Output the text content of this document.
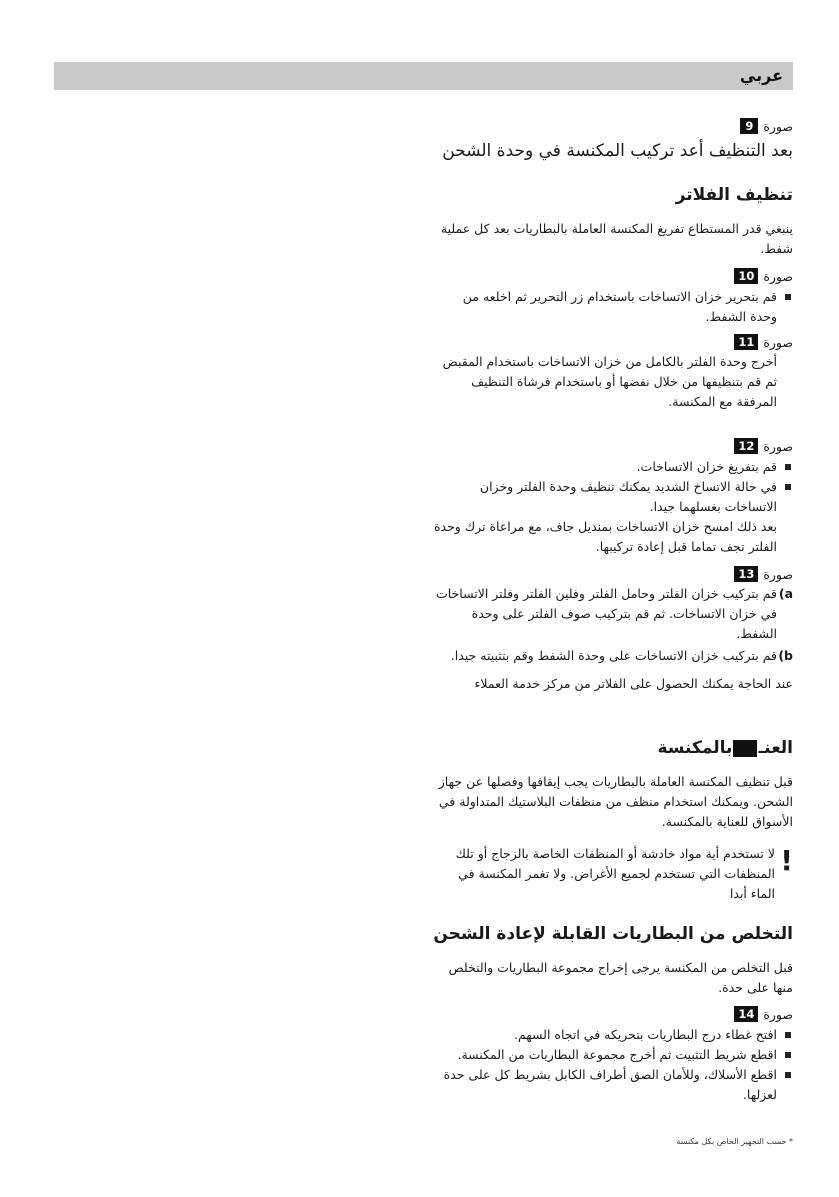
عربي
صورة
9

بعد التنظيف أعد تركيب المكنسة في وحدة الشحن

تنظيف الفلاتر

ينبغي قدر المستطاع تفريغ المكنسة العاملة بالبطاريات بعد كل عملية شفط.

صورة
10
قم بتحرير خزان الاتساخات باستخدام زر التحرير ثم اخلعه من وحدة الشفط.
صورة
11

أخرج وحدة الفلتر بالكامل من خزان الاتساخات باستخدام المقبض ثم قم بتنظيفها من خلال نفضها أو باستخدام فرشاة التنظيف المرفقة مع المكنسة.

صورة
12
قم بتفريغ خزان الاتساخات.
في حالة الاتساخ الشديد يمكنك تنظيف وحدة الفلتر وخزان الاتساخات بغسلهما جيدا.

بعد ذلك امسح خزان الاتساخات بمنديل جاف، مع مراعاة ترك وحدة الفلتر تجف تماما قبل إعادة تركيبها.

صورة
13
a)
قم بتركيب خزان الفلتر وحامل الفلتر وفلين الفلتر وفلتر الاتساخات في خزان الاتساخات. ثم قم بتركيب صوف الفلتر على وحدة الشفط.
b)
قم بتركيب خزان الاتساخات على وحدة الشفط وقم بتثبيته جيدا.

عند الحاجة يمكنك الحصول على الفلاتر من مركز خدمة العملاء

العنـبالمكنسة

قبل تنظيف المكنسة العاملة بالبطاريات يجب إيقافها وفصلها عن جهاز الشحن. ويمكنك استخدام منظف من منظفات البلاستيك المتداولة في الأسواق للعناية بالمكنسة.

!
لا تستخدم أية مواد خادشة أو المنظفات الخاصة بالزجاج أو تلك المنظفات التي تستخدم لجميع الأغراض. ولا تغمر المكنسة في الماء أبدا
التخلص من البطاريات القابلة لإعادة الشحن

قبل التخلص من المكنسة يرجى إخراج مجموعة البطاريات والتخلص منها على حدة.

صورة
14
افتح غطاء درج البطاريات بتحريكه في اتجاه السهم.
اقطع شريط التثبيت ثم أخرج مجموعة البطاريات من المكنسة.
اقطع الأسلاك، وللأمان الصق أطراف الكابل بشريط كل على حدة لعزلها.
* حسب التجهيز الخاص بكل مكنسة
